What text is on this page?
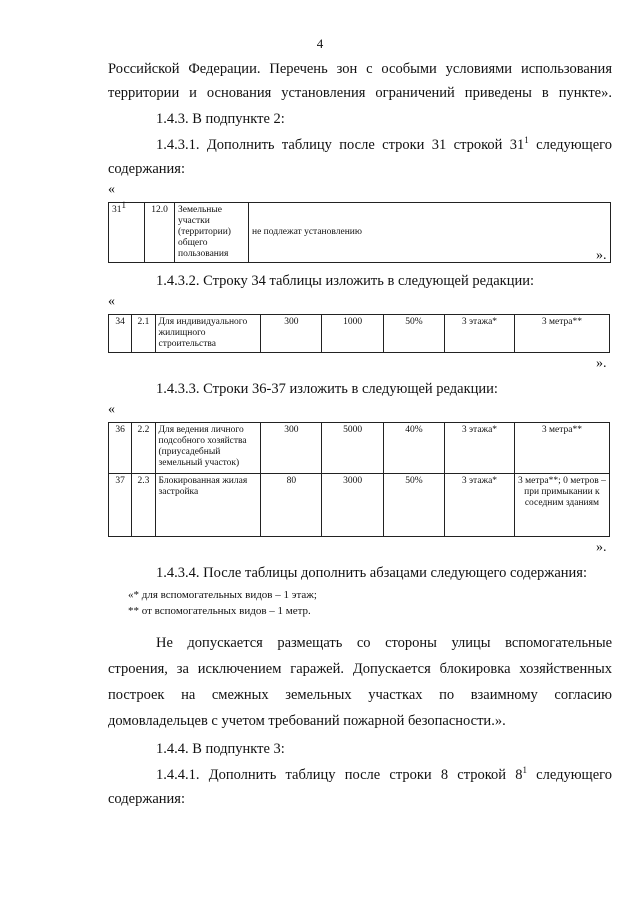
4
Российской Федерации. Перечень зон с особыми условиями использования
территории и основания установления ограничений приведены в пункте».
1.4.3. В подпункте 2:
1.4.3.1. Дополнить таблицу после строки 31 строкой $31^1$ следующего
содержания:
«
$31^1$	12.0	Земельные участки (территории) общего пользования	не подлежат установлению
».
1.4.3.2. Строку 34 таблицы изложить в следующей редакции:
«
34	2.1	Для индивидуального жилищного строительства	300	1000	50%	3 этажа*	3 метра**
».
1.4.3.3. Строки 36-37 изложить в следующей редакции:
«
36	2.2	Для ведения личного подсобного хозяйства (приусадебный земельный участок)	300	5000	40%	3 этажа*	3 метра**
37	2.3	Блокированная жилая застройка	80	3000	50%	3 этажа*	3 метра**; 0 метров – при примыкании к соседним зданиям
».
1.4.3.4. После таблицы дополнить абзацами следующего содержания:
«* для вспомогательных видов – 1 этаж;
** от вспомогательных видов – 1 метр.
Не допускается размещать со стороны улицы вспомогательные
строения, за исключением гаражей. Допускается блокировка хозяйственных
построек на смежных земельных участках по взаимному согласию
домовладельцев с учетом требований пожарной безопасности.».
1.4.4. В подпункте 3:
1.4.4.1. Дополнить таблицу после строки 8 строкой $8^1$ следующего
содержания:
